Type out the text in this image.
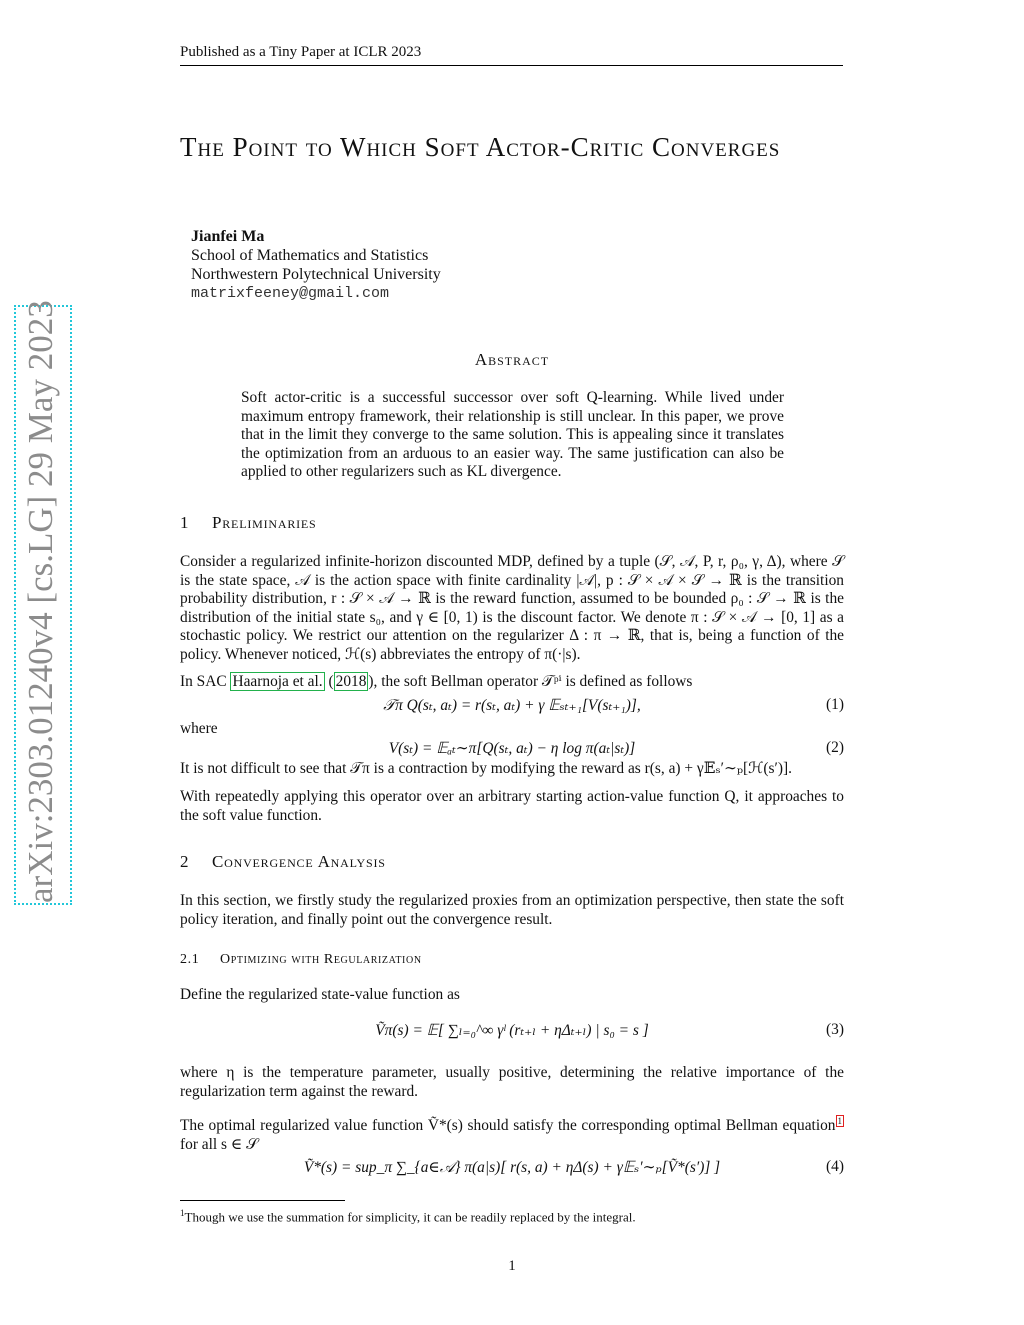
Published as a Tiny Paper at ICLR 2023
arXiv:2303.01240v4 [cs.LG] 29 May 2023
The Point to Which Soft Actor-Critic Converges
Jianfei Ma
School of Mathematics and Statistics
Northwestern Polytechnical University
matrixfeeney@gmail.com
Abstract
Soft actor-critic is a successful successor over soft Q-learning. While lived under maximum entropy framework, their relationship is still unclear. In this paper, we prove that in the limit they converge to the same solution. This is appealing since it translates the optimization from an arduous to an easier way. The same justification can also be applied to other regularizers such as KL divergence.
1 Preliminaries
Consider a regularized infinite-horizon discounted MDP, defined by a tuple (𝒮, 𝒜, P, r, ρ₀, γ, Δ), where 𝒮 is the state space, 𝒜 is the action space with finite cardinality |𝒜|, p : 𝒮 × 𝒜 × 𝒮 → ℝ is the transition probability distribution, r : 𝒮 × 𝒜 → ℝ is the reward function, assumed to be bounded ρ₀ : 𝒮 → ℝ is the distribution of the initial state s₀, and γ ∈ [0, 1) is the discount factor. We denote π : 𝒮 × 𝒜 → [0, 1] as a stochastic policy. We restrict our attention on the regularizer Δ : π → ℝ, that is, being a function of the policy. Whenever noticed, ℋ(s) abbreviates the entropy of π(·|s).
In SAC Haarnoja et al. ( 2018 ), the soft Bellman operator 𝒯ᵖⁱ is defined as follows
𝒯π Q(sₜ, aₜ) = r(sₜ, aₜ) + γ 𝔼ₛₜ₊₁[V(sₜ₊₁)],	(1)
where
V(sₜ) = 𝔼ₐₜ∼π[Q(sₜ, aₜ) − η log π(aₜ|sₜ)]	(2)
It is not difficult to see that 𝒯π is a contraction by modifying the reward as r(s, a) + γ𝔼ₛ′∼ₚ[ℋ(s′)].
With repeatedly applying this operator over an arbitrary starting action-value function Q, it approaches to the soft value function.
2 Convergence Analysis
In this section, we firstly study the regularized proxies from an optimization perspective, then state the soft policy iteration, and finally point out the convergence result.
2.1 Optimizing with Regularization
Define the regularized state-value function as
Ṽπ(s) = 𝔼[ ∑ₗ₌₀^∞ γˡ (rₜ₊ₗ + ηΔₜ₊ₗ) | s₀ = s ]	(3)
where η is the temperature parameter, usually positive, determining the relative importance of the regularization term against the reward.
The optimal regularized value function Ṽ*(s) should satisfy the corresponding optimal Bellman equation $^1$ for all s ∈ 𝒮
Ṽ*(s) = sup_π ∑_{a∈𝒜} π(a|s)[ r(s, a) + ηΔ(s) + γ𝔼ₛ′∼ₚ[Ṽ*(s′)] ]	(4)
$^1$Though we use the summation for simplicity, it can be readily replaced by the integral.
1
